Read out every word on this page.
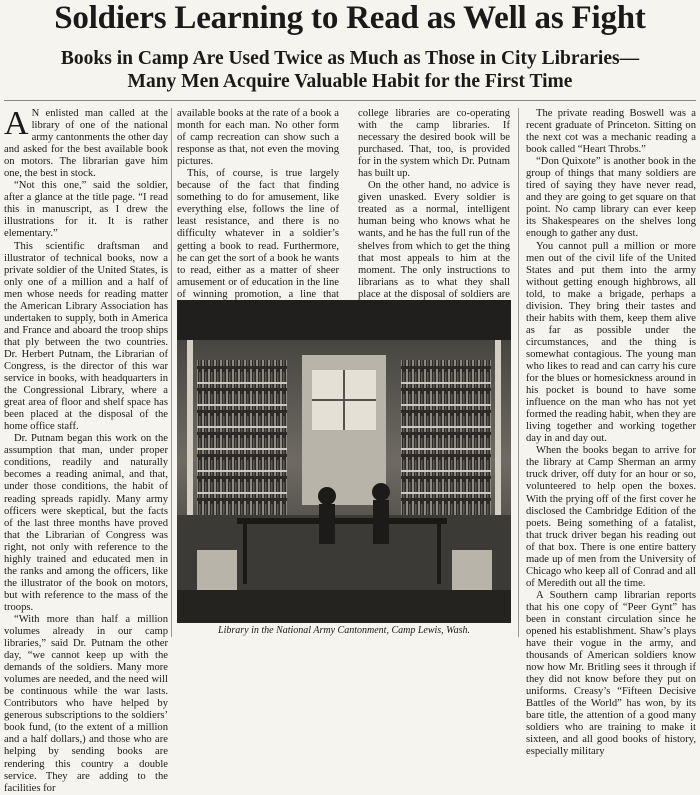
Soldiers Learning to Read as Well as Fight
Books in Camp Are Used Twice as Much as Those in City Libraries—
Many Men Acquire Valuable Habit for the First Time

A N enlisted man called at the library of one of the national army cantonments the other day and asked for the best available book on motors. The librarian gave him one, the best in stock.

“Not this one,” said the soldier, after a glance at the title page. “I read this in manuscript, as I drew the illustrations for it. It is rather elementary.”

This scientific draftsman and illustrator of technical books, now a private soldier of the United States, is only one of a million and a half of men whose needs for reading matter the American Library Association has undertaken to supply, both in America and France and aboard the troop ships that ply between the two countries. Dr. Herbert Putnam, the Librarian of Congress, is the director of this war service in books, with headquarters in the Congressional Library, where a great area of floor and shelf space has been placed at the disposal of the home office staff.

Dr. Putnam began this work on the assumption that man, under proper conditions, readily and naturally becomes a reading animal, and that, under those conditions, the habit of reading spreads rapidly. Many army officers were skeptical, but the facts of the last three months have proved that the Librarian of Congress was right, not only with reference to the highly trained and educated men in the ranks and among the officers, like the illustrator of the book on motors, but with reference to the mass of the troops.

“With more than half a million volumes already in our camp libraries,” said Dr. Putnam the other day, “we cannot keep up with the demands of the soldiers. Many more volumes are needed, and the need will be continuous while the war lasts. Contributors who have helped by generous subscriptions to the soldiers’ book fund, (to the extent of a million and a half dollars,) and those who are helping by sending books are rendering this country a double service. They are adding to the facilities for

available books at the rate of a book a month for each man. No other form of camp recreation can show such a response as that, not even the moving pictures.

This, of course, is true largely because of the fact that finding something to do for amusement, like everything else, follows the line of least resistance, and there is no difficulty whatever in a soldier’s getting a book to read. Furthermore, he can get the sort of a book he wants to read, either as a matter of sheer amusement or of education in the line of winning promotion, a line that

college libraries are co-operating with the camp libraries. If necessary the desired book will be purchased. That, too, is provided for in the system which Dr. Putnam has built up.

On the other hand, no advice is given unasked. Every soldier is treated as a normal, intelligent human being who knows what he wants, and he has the full run of the shelves from which to get the thing that most appeals to him at the moment. The only instructions to librarians as to what they shall place at the disposal of soldiers are

The private reading Boswell was a recent graduate of Princeton. Sitting on the next cot was a mechanic reading a book called “Heart Throbs.”

“Don Quixote” is another book in the group of things that many soldiers are tired of saying they have never read, and they are going to get square on that point. No camp library can ever keep its Shakespeares on the shelves long enough to gather any dust.

You cannot pull a million or more men out of the civil life of the United States and put them into the army without getting enough highbrows, all told, to make a brigade, perhaps a division. They bring their tastes and their habits with them, keep them alive as far as possible under the circumstances, and the thing is somewhat contagious. The young man who likes to read and can carry his cure for the blues or homesickness around in his pocket is bound to have some influence on the man who has not yet formed the reading habit, when they are living together and working together day in and day out.

When the books began to arrive for the library at Camp Sherman an army truck driver, off duty for an hour or so, volunteered to help open the boxes. With the prying off of the first cover he disclosed the Cambridge Edition of the poets. Being something of a fatalist, that truck driver began his reading out of that box. There is one entire battery made up of men from the University of Chicago who keep all of Conrad and all of Meredith out all the time.

A Southern camp librarian reports that his one copy of “Peer Gynt” has been in constant circulation since he opened his establishment. Shaw’s plays have their vogue in the army, and thousands of American soldiers know now how Mr. Britling sees it through if they did not know before they put on uniforms. Creasy’s “Fifteen Decisive Battles of the World” has won, by its bare title, the attention of a good many soldiers who are training to make it sixteen, and all good books of history, especially military

Library in the National Army Cantonment, Camp Lewis, Wash.
